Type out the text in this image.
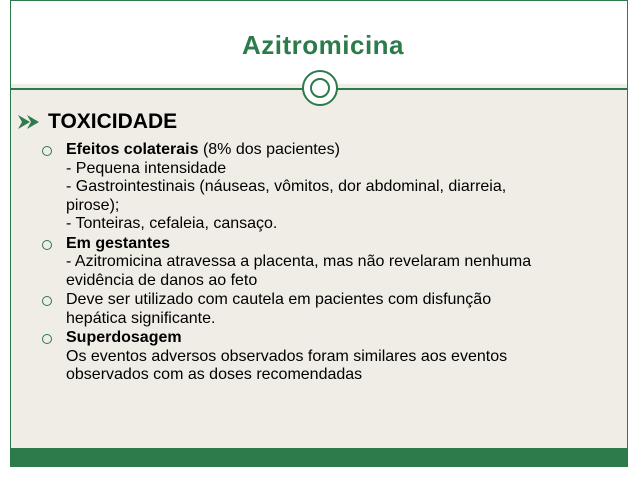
Azitromicina
TOXICIDADE
Efeitos colaterais (8% dos pacientes)
- Pequena intensidade
- Gastrointestinais (náuseas, vômitos, dor abdominal, diarreia,
pirose);
- Tonteiras, cefaleia, cansaço.
Em gestantes
- Azitromicina atravessa a placenta, mas não revelaram nenhuma
evidência de danos ao feto
Deve ser utilizado com cautela em pacientes com disfunção
hepática significante.
Superdosagem
Os eventos adversos observados foram similares aos eventos
observados com as doses recomendadas
